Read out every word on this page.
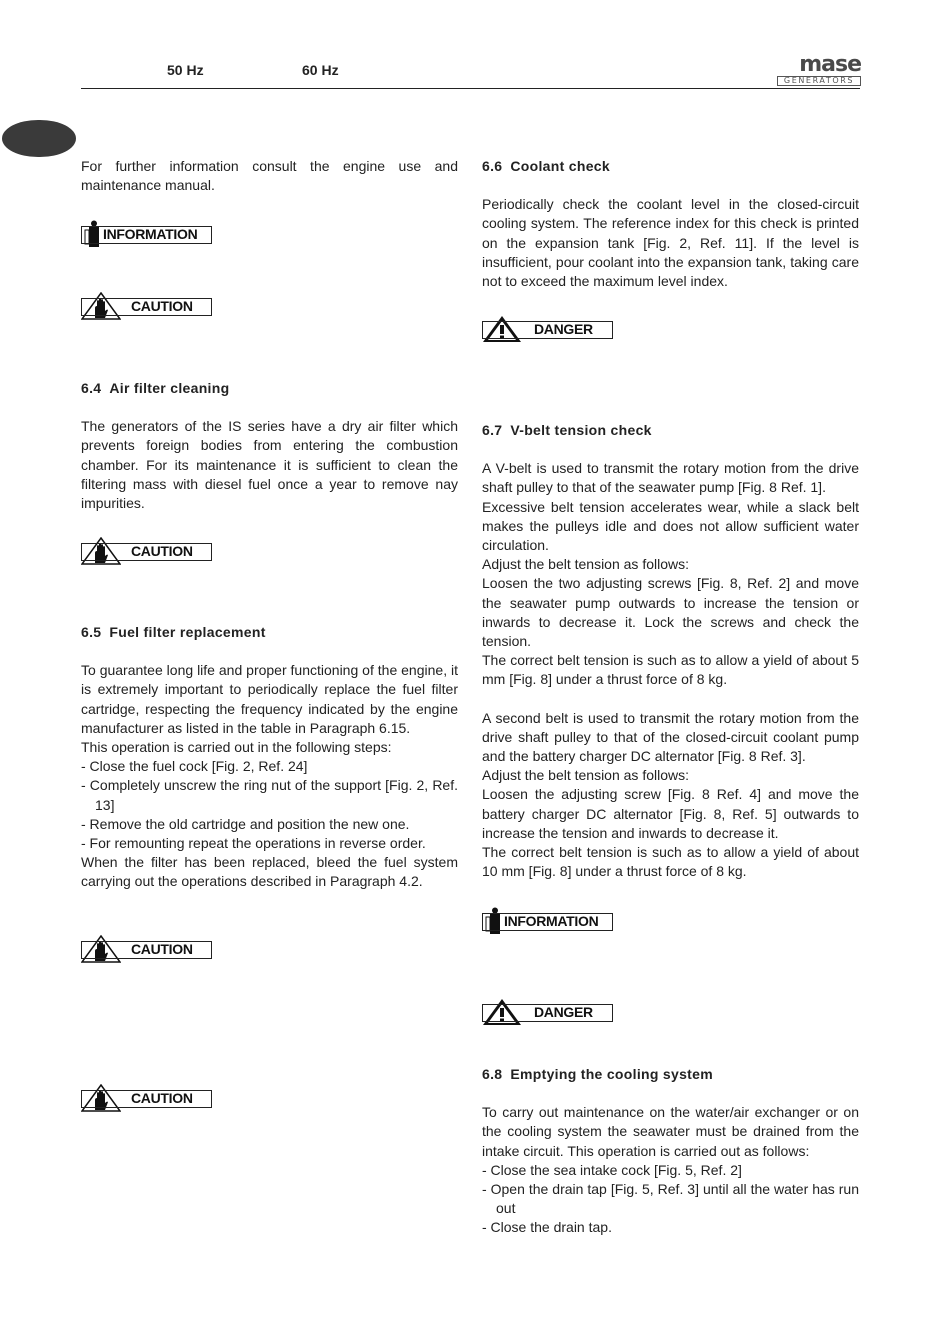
50 Hz	60 Hz	mase
GENERATORS

For further information consult the engine use and maintenance manual.

INFORMATION
CAUTION
6.4 Air filter cleaning

The generators of the IS series have a dry air filter which prevents foreign bodies from entering the combustion chamber. For its maintenance it is sufficient to clean the filtering mass with diesel fuel once a year to remove nay impurities.

CAUTION
6.5 Fuel filter replacement

To guarantee long life and proper functioning of the engine, it is extremely important to periodically replace the fuel filter cartridge, respecting the frequency indicated by the engine manufacturer as listed in the table in Paragraph 6.15.

This operation is carried out in the following steps:

- Close the fuel cock [Fig. 2, Ref. 24]

- Completely unscrew the ring nut of the support [Fig. 2, Ref. 13]

- Remove the old cartridge and position the new one.

- For remounting repeat the operations in reverse order.

When the filter has been replaced, bleed the fuel system carrying out the operations described in Paragraph 4.2.

CAUTION
CAUTION
6.6 Coolant check

Periodically check the coolant level in the closed-circuit cooling system. The reference index for this check is printed on the expansion tank [Fig. 2, Ref. 11]. If the level is insufficient, pour coolant into the expansion tank, taking care not to exceed the maximum level index.

DANGER
6.7 V-belt tension check

A V-belt is used to transmit the rotary motion from the drive shaft pulley to that of the seawater pump [Fig. 8 Ref. 1].

Excessive belt tension accelerates wear, while a slack belt makes the pulleys idle and does not allow sufficient water circulation.

Adjust the belt tension as follows:

Loosen the two adjusting screws [Fig. 8, Ref. 2] and move the seawater pump outwards to increase the tension or inwards to decrease it. Lock the screws and check the tension.

The correct belt tension is such as to allow a yield of about 5 mm [Fig. 8] under a thrust force of 8 kg.

A second belt is used to transmit the rotary motion from the drive shaft pulley to that of the closed-circuit coolant pump and the battery charger DC alternator [Fig. 8 Ref. 3].

Adjust the belt tension as follows:

Loosen the adjusting screw [Fig. 8 Ref. 4] and move the battery charger DC alternator [Fig. 8, Ref. 5] outwards to increase the tension and inwards to decrease it.

The correct belt tension is such as to allow a yield of about 10 mm [Fig. 8] under a thrust force of 8 kg.

INFORMATION
DANGER
6.8 Emptying the cooling system

To carry out maintenance on the water/air exchanger or on the cooling system the seawater must be drained from the intake circuit. This operation is carried out as follows:

- Close the sea intake cock [Fig. 5, Ref. 2]

- Open the drain tap [Fig. 5, Ref. 3] until all the water has run out

- Close the drain tap.
